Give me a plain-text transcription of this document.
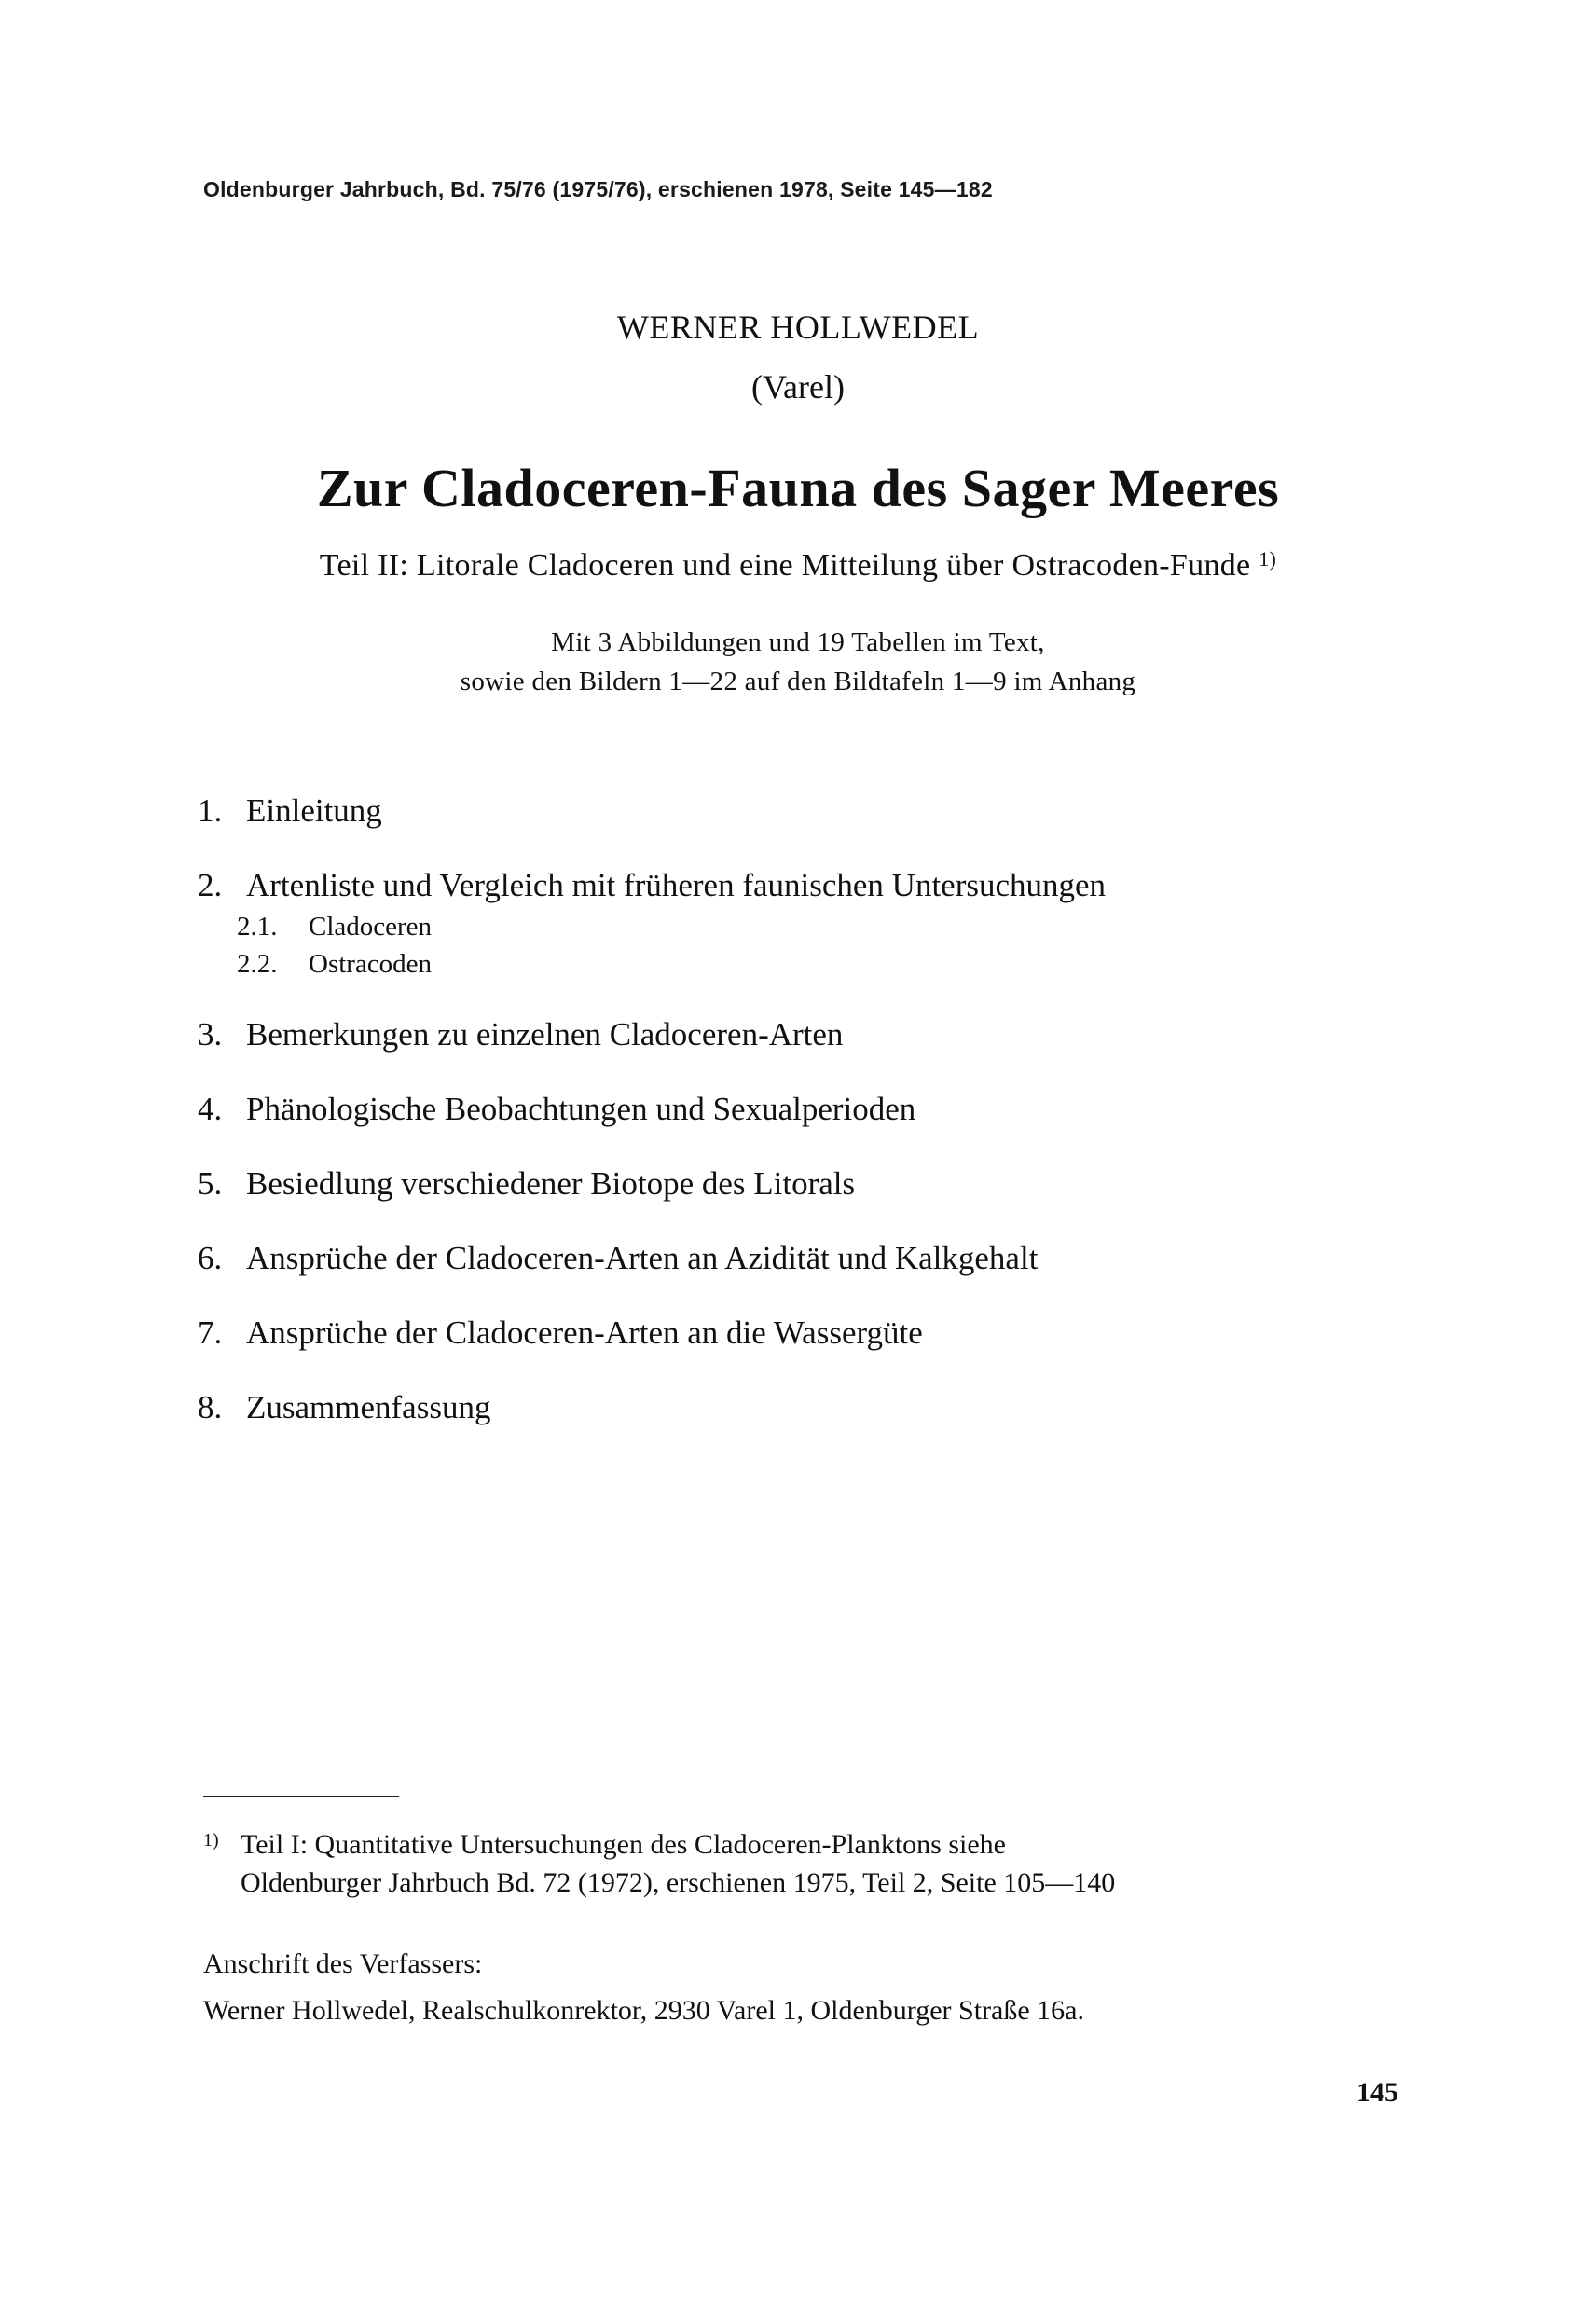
Oldenburger Jahrbuch, Bd. 75/76 (1975/76), erschienen 1978, Seite 145—182
WERNER HOLLWEDEL
(Varel)
Zur Cladoceren-Fauna des Sager Meeres
Teil II: Litorale Cladoceren und eine Mitteilung über Ostracoden-Funde $^{1)}$
Mit 3 Abbildungen und 19 Tabellen im Text,
sowie den Bildern 1—22 auf den Bildtafeln 1—9 im Anhang
1. Einleitung
2. Artenliste und Vergleich mit früheren faunischen Untersuchungen
2.1. Cladoceren
2.2. Ostracoden
3. Bemerkungen zu einzelnen Cladoceren-Arten
4. Phänologische Beobachtungen und Sexualperioden
5. Besiedlung verschiedener Biotope des Litorals
6. Ansprüche der Cladoceren-Arten an Azidität und Kalkgehalt
7. Ansprüche der Cladoceren-Arten an die Wassergüte
8. Zusammenfassung
1) Teil I: Quantitative Untersuchungen des Cladoceren-Planktons siehe
Oldenburger Jahrbuch Bd. 72 (1972), erschienen 1975, Teil 2, Seite 105—140
Anschrift des Verfassers:
Werner Hollwedel, Realschulkonrektor, 2930 Varel 1, Oldenburger Straße 16a.
145
